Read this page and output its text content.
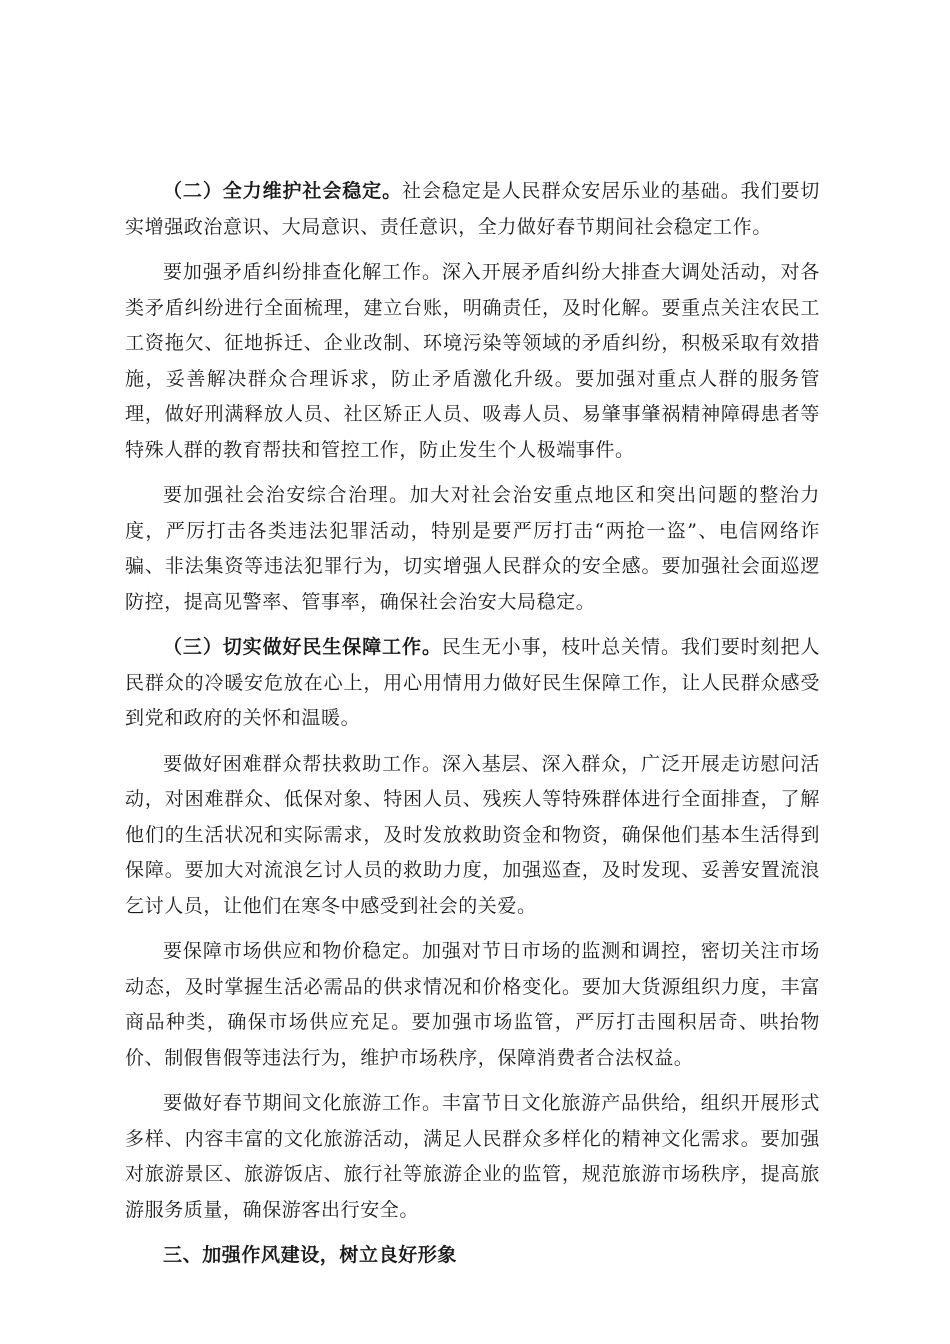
（二）全力维护社会稳定。社会稳定是人民群众安居乐业的基础。我们要切实增强政治意识、大局意识、责任意识，全力做好春节期间社会稳定工作。

要加强矛盾纠纷排查化解工作。深入开展矛盾纠纷大排查大调处活动，对各类矛盾纠纷进行全面梳理，建立台账，明确责任，及时化解。要重点关注农民工工资拖欠、征地拆迁、企业改制、环境污染等领域的矛盾纠纷，积极采取有效措施，妥善解决群众合理诉求，防止矛盾激化升级。要加强对重点人群的服务管理，做好刑满释放人员、社区矫正人员、吸毒人员、易肇事肇祸精神障碍患者等特殊人群的教育帮扶和管控工作，防止发生个人极端事件。

要加强社会治安综合治理。加大对社会治安重点地区和突出问题的整治力度，严厉打击各类违法犯罪活动，特别是要严厉打击“两抢一盗”、电信网络诈骗、非法集资等违法犯罪行为，切实增强人民群众的安全感。要加强社会面巡逻防控，提高见警率、管事率，确保社会治安大局稳定。

（三）切实做好民生保障工作。民生无小事，枝叶总关情。我们要时刻把人民群众的冷暖安危放在心上，用心用情用力做好民生保障工作，让人民群众感受到党和政府的关怀和温暖。

要做好困难群众帮扶救助工作。深入基层、深入群众，广泛开展走访慰问活动，对困难群众、低保对象、特困人员、残疾人等特殊群体进行全面排查，了解他们的生活状况和实际需求，及时发放救助资金和物资，确保他们基本生活得到保障。要加大对流浪乞讨人员的救助力度，加强巡查，及时发现、妥善安置流浪乞讨人员，让他们在寒冬中感受到社会的关爱。

要保障市场供应和物价稳定。加强对节日市场的监测和调控，密切关注市场动态，及时掌握生活必需品的供求情况和价格变化。要加大货源组织力度，丰富商品种类，确保市场供应充足。要加强市场监管，严厉打击囤积居奇、哄抬物价、制假售假等违法行为，维护市场秩序，保障消费者合法权益。

要做好春节期间文化旅游工作。丰富节日文化旅游产品供给，组织开展形式多样、内容丰富的文化旅游活动，满足人民群众多样化的精神文化需求。要加强对旅游景区、旅游饭店、旅行社等旅游企业的监管，规范旅游市场秩序，提高旅游服务质量，确保游客出行安全。

三、加强作风建设，树立良好形象
